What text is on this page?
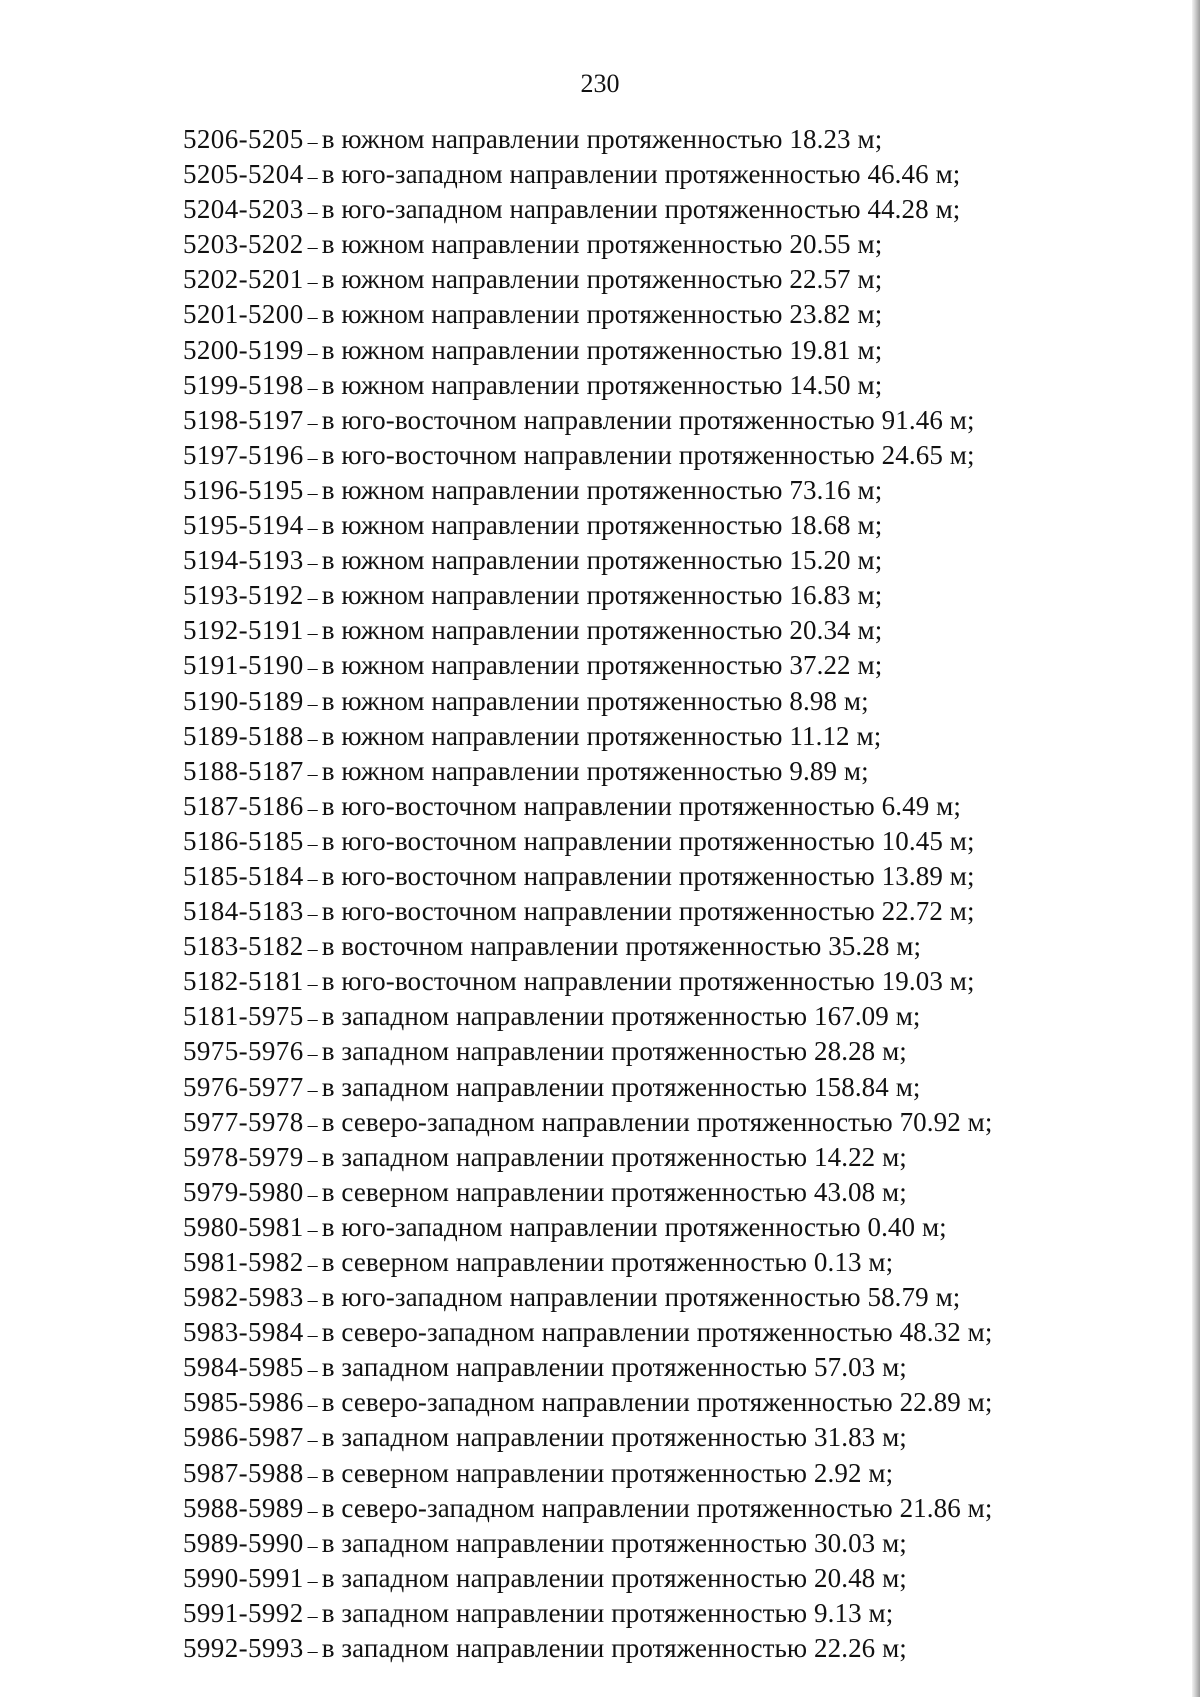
230
5206-5205 – в южном направлении протяженностью 18.23 м;
5205-5204 – в юго-западном направлении протяженностью 46.46 м;
5204-5203 – в юго-западном направлении протяженностью 44.28 м;
5203-5202 – в южном направлении протяженностью 20.55 м;
5202-5201 – в южном направлении протяженностью 22.57 м;
5201-5200 – в южном направлении протяженностью 23.82 м;
5200-5199 – в южном направлении протяженностью 19.81 м;
5199-5198 – в южном направлении протяженностью 14.50 м;
5198-5197 – в юго-восточном направлении протяженностью 91.46 м;
5197-5196 – в юго-восточном направлении протяженностью 24.65 м;
5196-5195 – в южном направлении протяженностью 73.16 м;
5195-5194 – в южном направлении протяженностью 18.68 м;
5194-5193 – в южном направлении протяженностью 15.20 м;
5193-5192 – в южном направлении протяженностью 16.83 м;
5192-5191 – в южном направлении протяженностью 20.34 м;
5191-5190 – в южном направлении протяженностью 37.22 м;
5190-5189 – в южном направлении протяженностью 8.98 м;
5189-5188 – в южном направлении протяженностью 11.12 м;
5188-5187 – в южном направлении протяженностью 9.89 м;
5187-5186 – в юго-восточном направлении протяженностью 6.49 м;
5186-5185 – в юго-восточном направлении протяженностью 10.45 м;
5185-5184 – в юго-восточном направлении протяженностью 13.89 м;
5184-5183 – в юго-восточном направлении протяженностью 22.72 м;
5183-5182 – в восточном направлении протяженностью 35.28 м;
5182-5181 – в юго-восточном направлении протяженностью 19.03 м;
5181-5975 – в западном направлении протяженностью 167.09 м;
5975-5976 – в западном направлении протяженностью 28.28 м;
5976-5977 – в западном направлении протяженностью 158.84 м;
5977-5978 – в северо-западном направлении протяженностью 70.92 м;
5978-5979 – в западном направлении протяженностью 14.22 м;
5979-5980 – в северном направлении протяженностью 43.08 м;
5980-5981 – в юго-западном направлении протяженностью 0.40 м;
5981-5982 – в северном направлении протяженностью 0.13 м;
5982-5983 – в юго-западном направлении протяженностью 58.79 м;
5983-5984 – в северо-западном направлении протяженностью 48.32 м;
5984-5985 – в западном направлении протяженностью 57.03 м;
5985-5986 – в северо-западном направлении протяженностью 22.89 м;
5986-5987 – в западном направлении протяженностью 31.83 м;
5987-5988 – в северном направлении протяженностью 2.92 м;
5988-5989 – в северо-западном направлении протяженностью 21.86 м;
5989-5990 – в западном направлении протяженностью 30.03 м;
5990-5991 – в западном направлении протяженностью 20.48 м;
5991-5992 – в западном направлении протяженностью 9.13 м;
5992-5993 – в западном направлении протяженностью 22.26 м;
